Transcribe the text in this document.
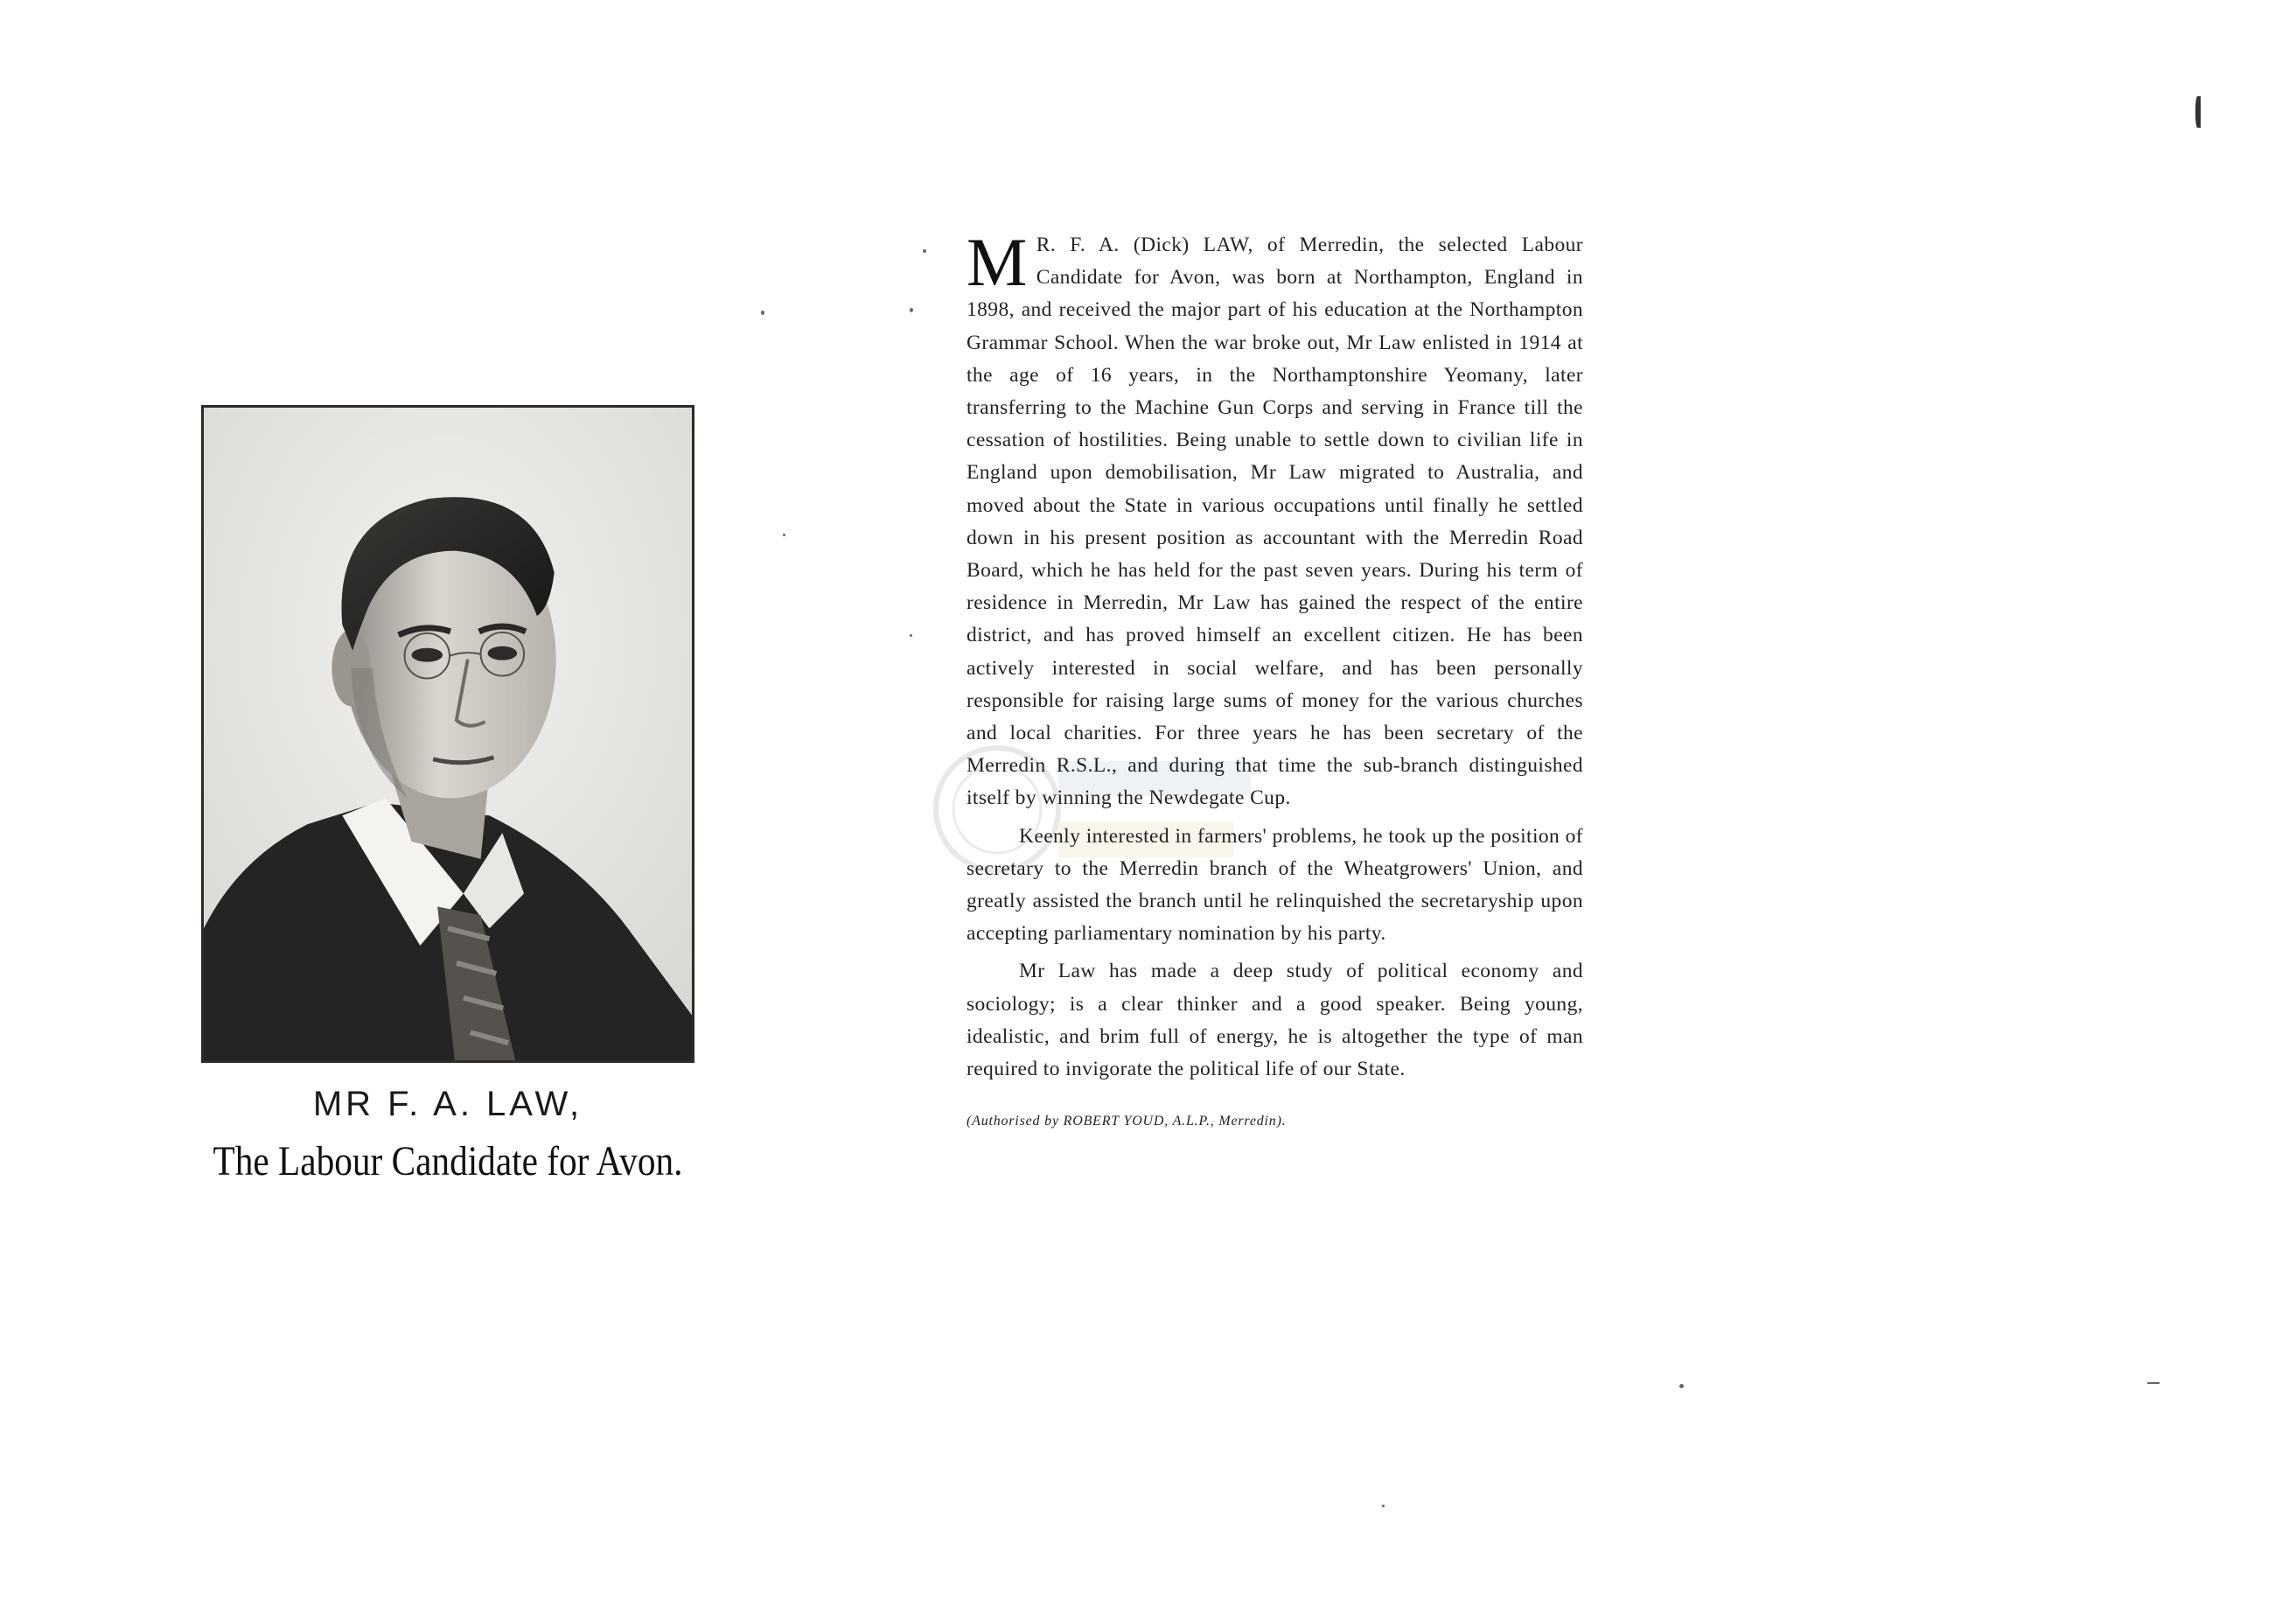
MR F. A. LAW,
The Labour Candidate for Avon.

M R. F. A. (Dick) LAW, of Merredin, the selected Labour Candidate for Avon, was born at Northampton, England in 1898, and received the major part of his education at the Northampton Grammar School. When the war broke out, Mr Law enlisted in 1914 at the age of 16 years, in the Northamptonshire Yeomany, later transferring to the Machine Gun Corps and serving in France till the cessation of hostilities. Being unable to settle down to civilian life in England upon demobilisation, Mr Law migrated to Australia, and moved about the State in various occupations until finally he settled down in his present position as accountant with the Merredin Road Board, which he has held for the past seven years. During his term of residence in Merredin, Mr Law has gained the respect of the entire district, and has proved himself an excellent citizen. He has been actively interested in social welfare, and has been personally responsible for raising large sums of money for the various churches and local charities. For three years he has been secretary of the Merredin R.S.L., and during that time the sub-branch distinguished itself by winning the Newdegate Cup.

Keenly interested in farmers' problems, he took up the position of secretary to the Merredin branch of the Wheatgrowers' Union, and greatly assisted the branch until he relinquished the secretaryship upon accepting parliamentary nomination by his party.

Mr Law has made a deep study of political economy and sociology; is a clear thinker and a good speaker. Being young, idealistic, and brim full of energy, he is altogether the type of man required to invigorate the political life of our State.

(Authorised by ROBERT YOUD, A.L.P., Merredin).
